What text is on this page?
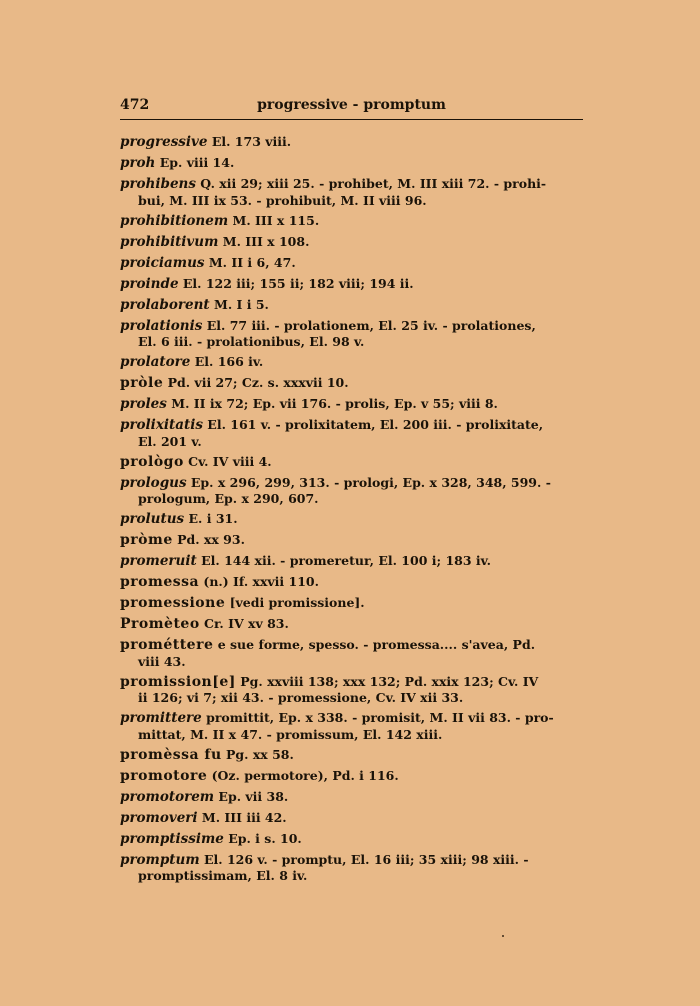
472	progressive - promptum
progressive El. 173 viii.
proh Ep. viii 14.
prohibens Q. xii 29; xiii 25. - prohibet, M. III xiii 72. - prohi-
bui, M. III ix 53. - prohibuit, M. II viii 96.
prohibitionem M. III x 115.
prohibitivum M. III x 108.
proiciamus M. II i 6, 47.
proinde El. 122 iii; 155 ii; 182 viii; 194 ii.
prolaborent M. I i 5.
prolationis El. 77 iii. - prolationem, El. 25 iv. - prolationes,
El. 6 iii. - prolationibus, El. 98 v.
prolatore El. 166 iv.
pròle Pd. vii 27; Cz. s. xxxvii 10.
proles M. II ix 72; Ep. vii 176. - prolis, Ep. v 55; viii 8.
prolixitatis El. 161 v. - prolixitatem, El. 200 iii. - prolixitate,
El. 201 v.
prològo Cv. IV viii 4.
prologus Ep. x 296, 299, 313. - prologi, Ep. x 328, 348, 599. -
prologum, Ep. x 290, 607.
prolutus E. i 31.
pròme Pd. xx 93.
promeruit El. 144 xii. - promeretur, El. 100 i; 183 iv.
promessa (n.) If. xxvii 110.
promessione [vedi promissione].
Promèteo Cr. IV xv 83.
prométtere e sue forme, spesso. - promessa.... s'avea, Pd.
viii 43.
promission[e] Pg. xxviii 138; xxx 132; Pd. xxix 123; Cv. IV
ii 126; vi 7; xii 43. - promessione, Cv. IV xii 33.
promittere promittit, Ep. x 338. - promisit, M. II vii 83. - pro-
mittat, M. II x 47. - promissum, El. 142 xiii.
promèssa fu Pg. xx 58.
promotore (Oz. permotore), Pd. i 116.
promotorem Ep. vii 38.
promoveri M. III iii 42.
promptissime Ep. i s. 10.
promptum El. 126 v. - promptu, El. 16 iii; 35 xiii; 98 xiii. -
promptissimam, El. 8 iv.
